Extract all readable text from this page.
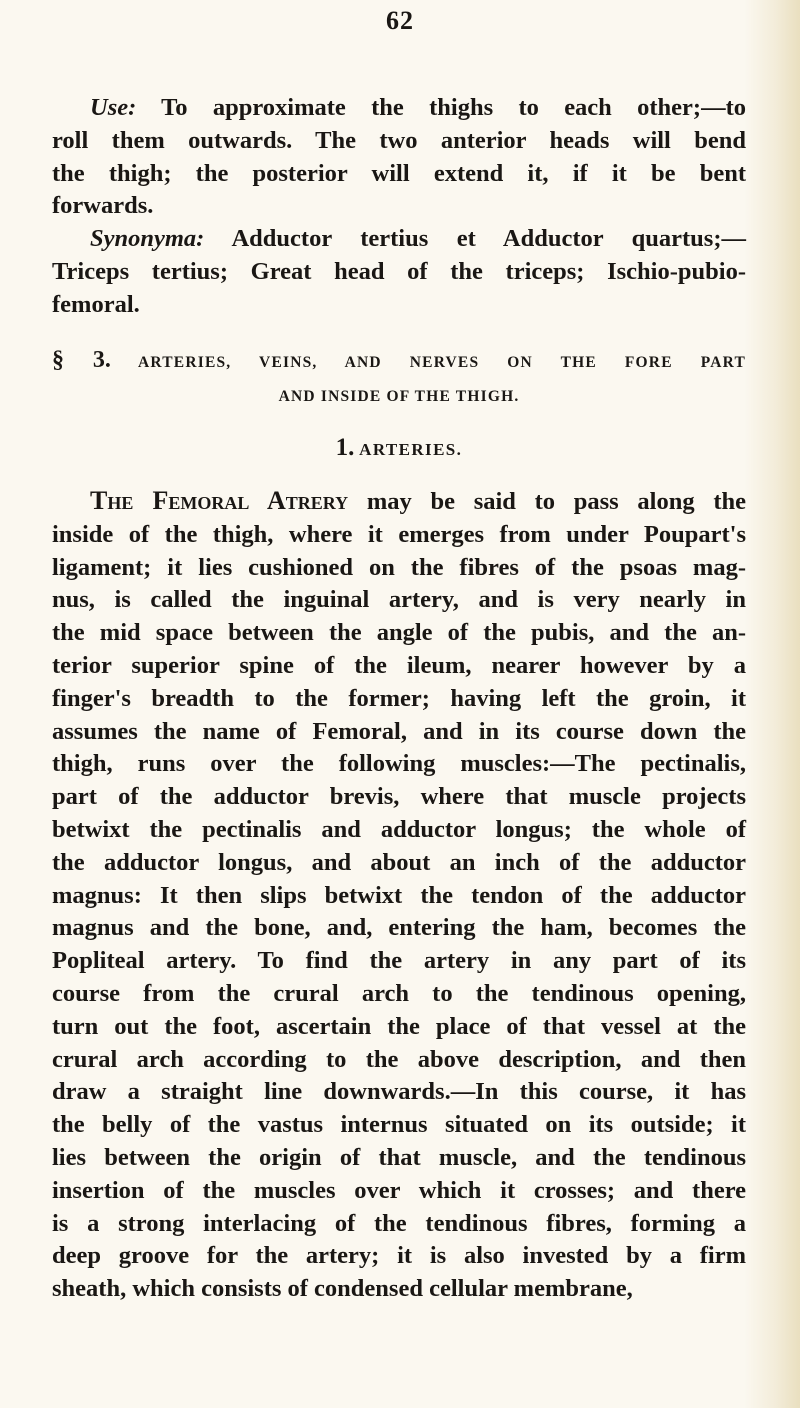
62
Use: To approximate the thighs to each other;—to
roll them outwards. The two anterior heads will bend
the thigh; the posterior will extend it, if it be bent
forwards.
Synonyma: Adductor tertius et Adductor quartus;—
Triceps tertius; Great head of the triceps; Ischio-pubio-
femoral.
§ 3. ARTERIES, VEINS, AND NERVES ON THE FORE PART
AND INSIDE OF THE THIGH.
1. ARTERIES.
The Femoral Atrery may be said to pass along the
inside of the thigh, where it emerges from under Poupart's
ligament; it lies cushioned on the fibres of the psoas mag-
nus, is called the inguinal artery, and is very nearly in
the mid space between the angle of the pubis, and the an-
terior superior spine of the ileum, nearer however by a
finger's breadth to the former; having left the groin, it
assumes the name of Femoral, and in its course down the
thigh, runs over the following muscles:—The pectinalis,
part of the adductor brevis, where that muscle projects
betwixt the pectinalis and adductor longus; the whole of
the adductor longus, and about an inch of the adductor
magnus: It then slips betwixt the tendon of the adductor
magnus and the bone, and, entering the ham, becomes the
Popliteal artery. To find the artery in any part of its
course from the crural arch to the tendinous opening,
turn out the foot, ascertain the place of that vessel at the
crural arch according to the above description, and then
draw a straight line downwards.—In this course, it has
the belly of the vastus internus situated on its outside; it
lies between the origin of that muscle, and the tendinous
insertion of the muscles over which it crosses; and there
is a strong interlacing of the tendinous fibres, forming a
deep groove for the artery; it is also invested by a firm
sheath, which consists of condensed cellular membrane,
